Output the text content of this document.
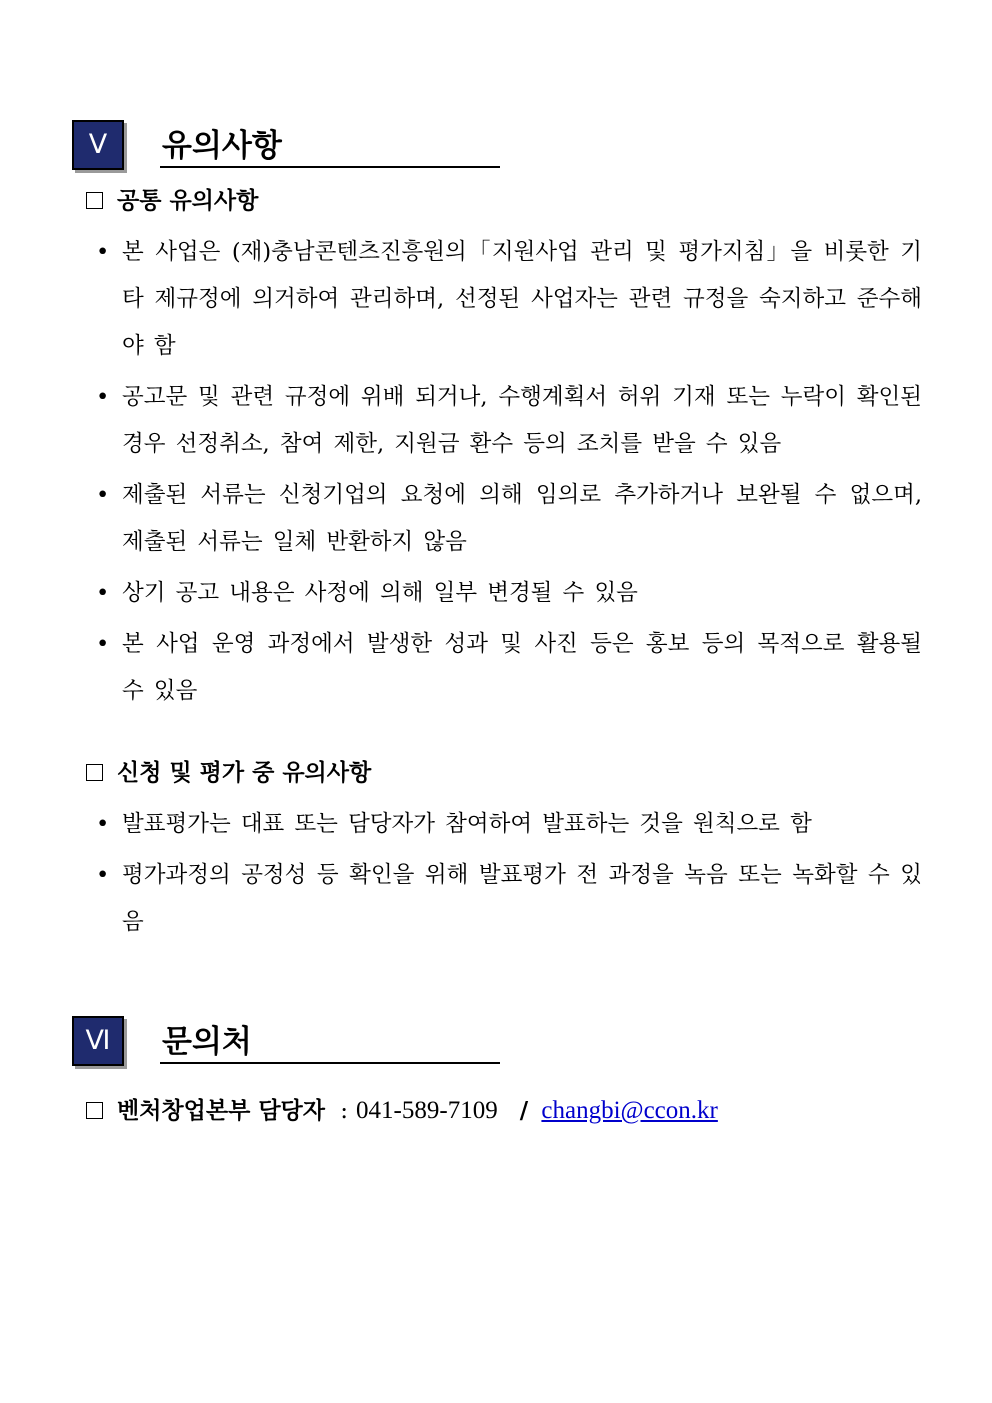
Ⅴ	유의사항
공통 유의사항
• 본 사업은 (재)충남콘텐츠진흥원의「지원사업 관리 및 평가지침」을 비롯한 기타 제규정에 의거하여 관리하며, 선정된 사업자는 관련 규정을 숙지하고 준수해야 함
• 공고문 및 관련 규정에 위배 되거나, 수행계획서 허위 기재 또는 누락이 확인된 경우 선정취소, 참여 제한, 지원금 환수 등의 조치를 받을 수 있음
• 제출된 서류는 신청기업의 요청에 의해 임의로 추가하거나 보완될 수 없으며, 제출된 서류는 일체 반환하지 않음
• 상기 공고 내용은 사정에 의해 일부 변경될 수 있음
• 본 사업 운영 과정에서 발생한 성과 및 사진 등은 홍보 등의 목적으로 활용될 수 있음
신청 및 평가 중 유의사항
• 발표평가는 대표 또는 담당자가 참여하여 발표하는 것을 원칙으로 함
• 평가과정의 공정성 등 확인을 위해 발표평가 전 과정을 녹음 또는 녹화할 수 있음
Ⅵ	문의처
벤처창업본부 담당자 : 041-589-7109 / changbi@ccon.kr
